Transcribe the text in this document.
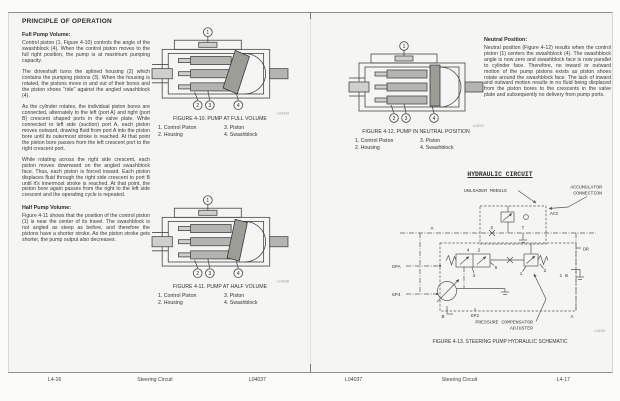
PRINCIPLE OF OPERATION
Full Pump Volume:

Control piston (1, Figure 4-10) controls the angle of the swashblock (4). When the control piston moves to the full right position, the pump is at maximum pumping capacity.

The driveshaft turns the splined housing (2) which contains the pumping pistons (3). When the housing is rotated, the pistons move in and out of their bores and the piston shoes "ride" against the angled swashblock (4).

As the cylinder rotates, the individual piston bores are connected, alternately to the left (port A) and right (port B) crescent shaped ports in the valve plate. While connected to left side (suction) port A, each piston moves outward, drawing fluid from port A into the piston bore until its outermost stroke is reached. At that point the piston bore passes from the left crescent port to the right crescent port.

While rotating across the right side crescent, each piston moves downward on the angled swashblock face. Thus, each piston is forced inward. Each piston displaces fluid through the right side crescent to port B until it's innermost stroke is reached. At that point, the piston bore again passes from the right to the left side crescent and the operating cycle is repeated.

Half Pump Volume:

Figure 4-11 shows that the position of the control piston (1) is near the center of its travel. The swashblock is not angled as steep as before, and therefore the pistons have a shorter stroke. As the piston stroke gets shorter, the pump output also decreases.

1
2 3	4
L04033
FIGURE 4-10. PUMP AT FULL VOLUME
1. Control Piston
2. Housing
3. Piston
4. Swashblock
1
2 3	4
L04036
FIGURE 4-11. PUMP AT HALF VOLUME
1. Control Piston
2. Housing
3. Piston
4. Swashblock
1
2 3	4
L04037
FIGURE 4-12. PUMP IN NEUTRAL POSITION
1. Control Piston
2. Housing
3. Piston
4. Swashblock
Neutral Position:

Neutral position (Figure 4-12) results when the control piston (1) centers the swashblock (4). The swashblock angle is now zero and swashblock face is now parallel to cylinder face. Therefore, no inward or outward motion of the pump pistons exists as piston shoes rotate around the swashblock face. The lack of inward and outward motion results in no fluid being displaced from the piston bores to the crescents in the valve plate and subsequently no delivery from pump ports.

HYDRAULIC CIRCUIT
UNLOADER MODULE
ACCUMULATOR
CONNECTION
ACC
A	P	T
DR
GPA
GP4
4 2
3
5
1
2
B	GP2
1 B
A
PRESSURE COMPENSATOR
ADJUSTER	L04039
FIGURE 4-13. STEERING PUMP HYDRAULIC SCHEMATIC
L4-16	Steering Circuit	L04037	L04037	Steering Circuit	L4-17
